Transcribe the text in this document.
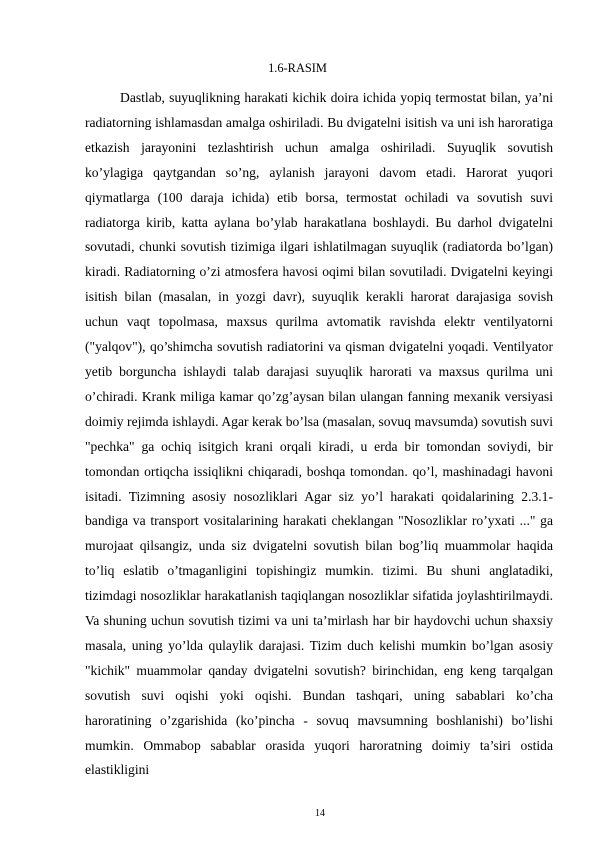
1.6-RASIM

Dastlab, suyuqlikning harakati kichik doira ichida yopiq termostat bilan, ya’ni radiatorning ishlamasdan amalga oshiriladi. Bu dvigatelni isitish va uni ish haroratiga etkazish jarayonini tezlashtirish uchun amalga oshiriladi. Suyuqlik sovutish ko’ylagiga qaytgandan so’ng, aylanish jarayoni davom etadi. Harorat yuqori qiymatlarga (100 daraja ichida) etib borsa, termostat ochiladi va sovutish suvi radiatorga kirib, katta aylana bo’ylab harakatlana boshlaydi. Bu darhol dvigatelni sovutadi, chunki sovutish tizimiga ilgari ishlatilmagan suyuqlik (radiatorda bo’lgan) kiradi. Radiatorning o’zi atmosfera havosi oqimi bilan sovutiladi. Dvigatelni keyingi isitish bilan (masalan, in yozgi davr), suyuqlik kerakli harorat darajasiga sovish uchun vaqt topolmasa, maxsus qurilma avtomatik ravishda elektr ventilyatorni ("yalqov"), qo’shimcha sovutish radiatorini va qisman dvigatelni yoqadi. Ventilyator yetib borguncha ishlaydi talab darajasi suyuqlik harorati va maxsus qurilma uni o’chiradi. Krank miliga kamar qo’zg’aysan bilan ulangan fanning mexanik versiyasi doimiy rejimda ishlaydi. Agar kerak bo’lsa (masalan, sovuq mavsumda) sovutish suvi "pechka" ga ochiq isitgich krani orqali kiradi, u erda bir tomondan soviydi, bir tomondan ortiqcha issiqlikni chiqaradi, boshqa tomondan. qo’l, mashinadagi havoni isitadi. Tizimning asosiy nosozliklari Agar siz yo’l harakati qoidalarining 2.3.1-bandiga va transport vositalarining harakati cheklangan "Nosozliklar ro’yxati ..." ga murojaat qilsangiz, unda siz dvigatelni sovutish bilan bog’liq muammolar haqida to’liq eslatib o’tmaganligini topishingiz mumkin. tizimi. Bu shuni anglatadiki, tizimdagi nosozliklar harakatlanish taqiqlangan nosozliklar sifatida joylashtirilmaydi. Va shuning uchun sovutish tizimi va uni ta’mirlash har bir haydovchi uchun shaxsiy masala, uning yo’lda qulaylik darajasi. Tizim duch kelishi mumkin bo’lgan asosiy "kichik" muammolar qanday dvigatelni sovutish? birinchidan, eng keng tarqalgan sovutish suvi oqishi yoki oqishi. Bundan tashqari, uning sabablari ko’cha haroratining o’zgarishida (ko’pincha - sovuq mavsumning boshlanishi) bo’lishi mumkin. Ommabop sabablar orasida yuqori haroratning doimiy ta’siri ostida elastikligini

14
